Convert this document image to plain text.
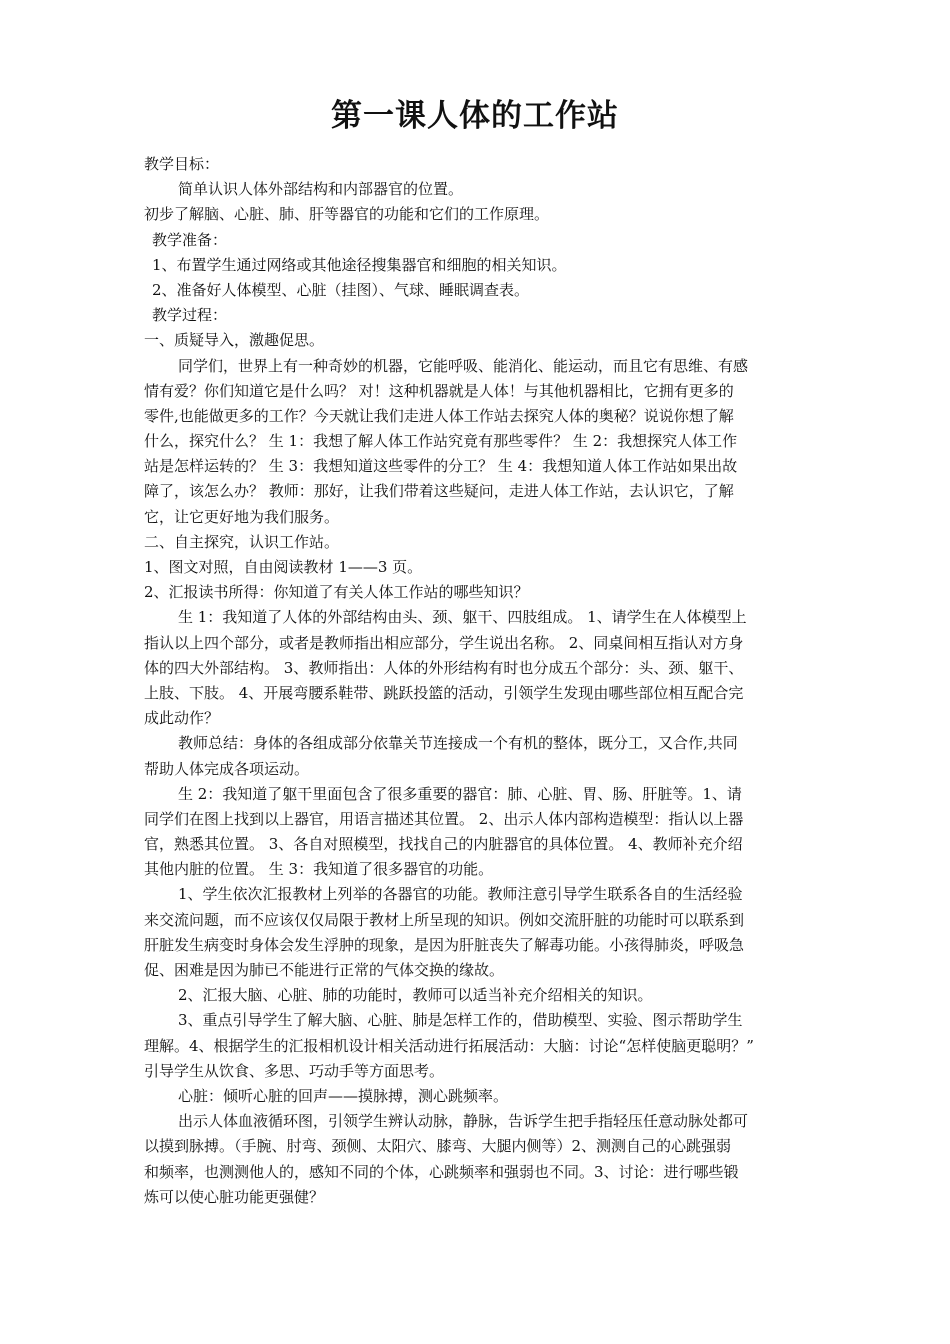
第一课人体的工作站
教学目标：
简单认识人体外部结构和内部器官的位置。
初步了解脑、心脏、肺、肝等器官的功能和它们的工作原理。
教学准备：
1、布置学生通过网络或其他途径搜集器官和细胞的相关知识。
2、准备好人体模型、心脏（挂图）、气球、睡眠调查表。
教学过程：
一、质疑导入，激趣促思。
同学们，世界上有一种奇妙的机器，它能呼吸、能消化、能运动，而且它有思维、有感
情有爱？你们知道它是什么吗？ 对！这种机器就是人体！与其他机器相比，它拥有更多的
零件,也能做更多的工作？今天就让我们走进人体工作站去探究人体的奥秘？说说你想了解
什么，探究什么？ 生 1：我想了解人体工作站究竟有那些零件？ 生 2：我想探究人体工作
站是怎样运转的？ 生 3：我想知道这些零件的分工？ 生 4：我想知道人体工作站如果出故
障了，该怎么办？ 教师：那好，让我们带着这些疑问，走进人体工作站，去认识它，了解
它，让它更好地为我们服务。
二、自主探究，认识工作站。
1、图文对照，自由阅读教材 1——3 页。
2、汇报读书所得：你知道了有关人体工作站的哪些知识？
生 1：我知道了人体的外部结构由头、颈、躯干、四肢组成。 1、请学生在人体模型上
指认以上四个部分，或者是教师指出相应部分，学生说出名称。 2、同桌间相互指认对方身
体的四大外部结构。 3、教师指出：人体的外形结构有时也分成五个部分：头、颈、躯干、
上肢、下肢。 4、开展弯腰系鞋带、跳跃投篮的活动，引领学生发现由哪些部位相互配合完
成此动作？
教师总结：身体的各组成部分依靠关节连接成一个有机的整体，既分工，又合作,共同
帮助人体完成各项运动。
生 2：我知道了躯干里面包含了很多重要的器官：肺、心脏、胃、肠、肝脏等。1、请
同学们在图上找到以上器官，用语言描述其位置。 2、出示人体内部构造模型：指认以上器
官，熟悉其位置。 3、各自对照模型，找找自己的内脏器官的具体位置。 4、教师补充介绍
其他内脏的位置。 生 3：我知道了很多器官的功能。
1、学生依次汇报教材上列举的各器官的功能。教师注意引导学生联系各自的生活经验
来交流问题，而不应该仅仅局限于教材上所呈现的知识。例如交流肝脏的功能时可以联系到
肝脏发生病变时身体会发生浮肿的现象，是因为肝脏丧失了解毒功能。小孩得肺炎，呼吸急
促、困难是因为肺已不能进行正常的气体交换的缘故。
2、汇报大脑、心脏、肺的功能时，教师可以适当补充介绍相关的知识。
3、重点引导学生了解大脑、心脏、肺是怎样工作的，借助模型、实验、图示帮助学生
理解。4、根据学生的汇报相机设计相关活动进行拓展活动：大脑：讨论“怎样使脑更聪明？”
引导学生从饮食、多思、巧动手等方面思考。
心脏：倾听心脏的回声——摸脉搏，测心跳频率。
出示人体血液循环图，引领学生辨认动脉，静脉，告诉学生把手指轻压任意动脉处都可
以摸到脉搏。（手腕、肘弯、颈侧、太阳穴、膝弯、大腿内侧等）2、测测自己的心跳强弱
和频率，也测测他人的，感知不同的个体，心跳频率和强弱也不同。3、讨论：进行哪些锻
炼可以使心脏功能更强健？
